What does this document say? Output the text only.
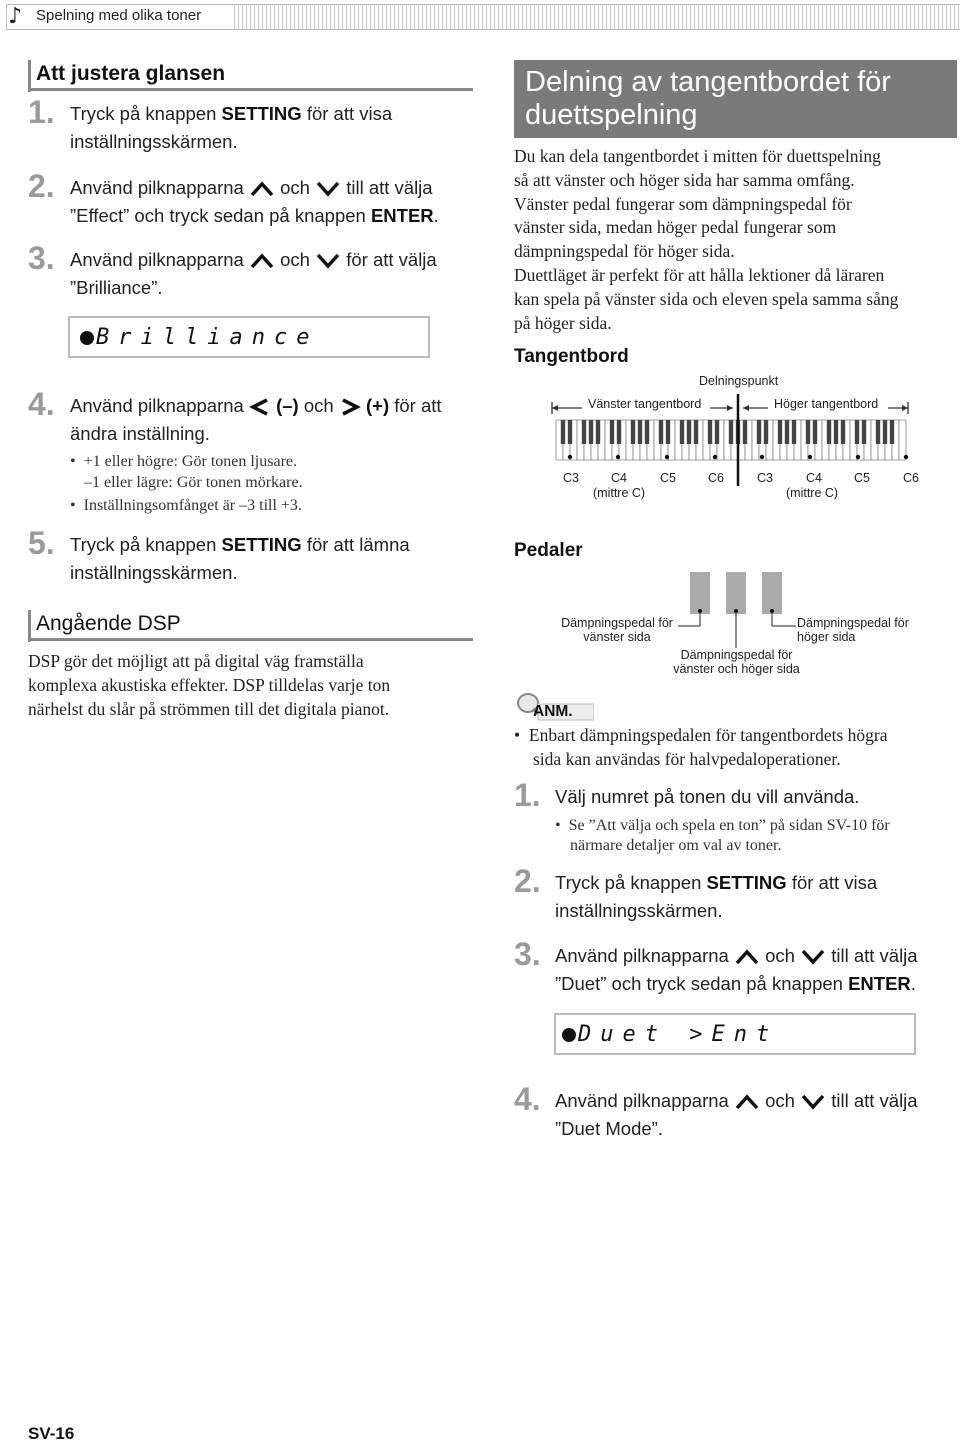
♪ Spelning med olika toner
Att justera glansen
1. Tryck på knappen SETTING för att visa
inställningsskärmen.
2. Använd pilknapparna och till att välja
”Effect” och tryck sedan på knappen ENTER.
3. Använd pilknapparna och för att välja
”Brilliance”.
Brilliance
4. Använd pilknapparna (–) och (+) för att
ändra inställning.
•  +1 eller högre: Gör tonen ljusare.
–1 eller lägre: Gör tonen mörkare.
•  Inställningsomfånget är –3 till +3.
5. Tryck på knappen SETTING för att lämna
inställningsskärmen.
Angående DSP
DSP gör det möjligt att på digital väg framställa
komplexa akustiska effekter. DSP tilldelas varje ton
närhelst du slår på strömmen till det digitala pianot.
Delning av tangentbordet för
duettspelning
Du kan dela tangentbordet i mitten för duettspelning
så att vänster och höger sida har samma omfång.
Vänster pedal fungerar som dämpningspedal för
vänster sida, medan höger pedal fungerar som
dämpningspedal för höger sida.
Duettläget är perfekt för att hålla lektioner då läraren
kan spela på vänster sida och eleven spela samma sång
på höger sida.
Tangentbord
Delningspunkt
Vänster tangentbord	Höger tangentbord
C3	C4	C5	C6	C3	C4	C5	C6
(mittre C)	(mittre C)
Pedaler
Dämpningspedal för
vänster sida
Dämpningspedal för
höger sida
Dämpningspedal för
vänster och höger sida
ANM.
•  Enbart dämpningspedalen för tangentbordets högra
sida kan användas för halvpedaloperationer.
1. Välj numret på tonen du vill använda.
•  Se ”Att välja och spela en ton” på sidan SV-10 för
närmare detaljer om val av toner.
2. Tryck på knappen SETTING för att visa
inställningsskärmen.
3. Använd pilknapparna och till att välja
”Duet” och tryck sedan på knappen ENTER.
Duet >Ent
4. Använd pilknapparna och till att välja
”Duet Mode”.
SV-16
